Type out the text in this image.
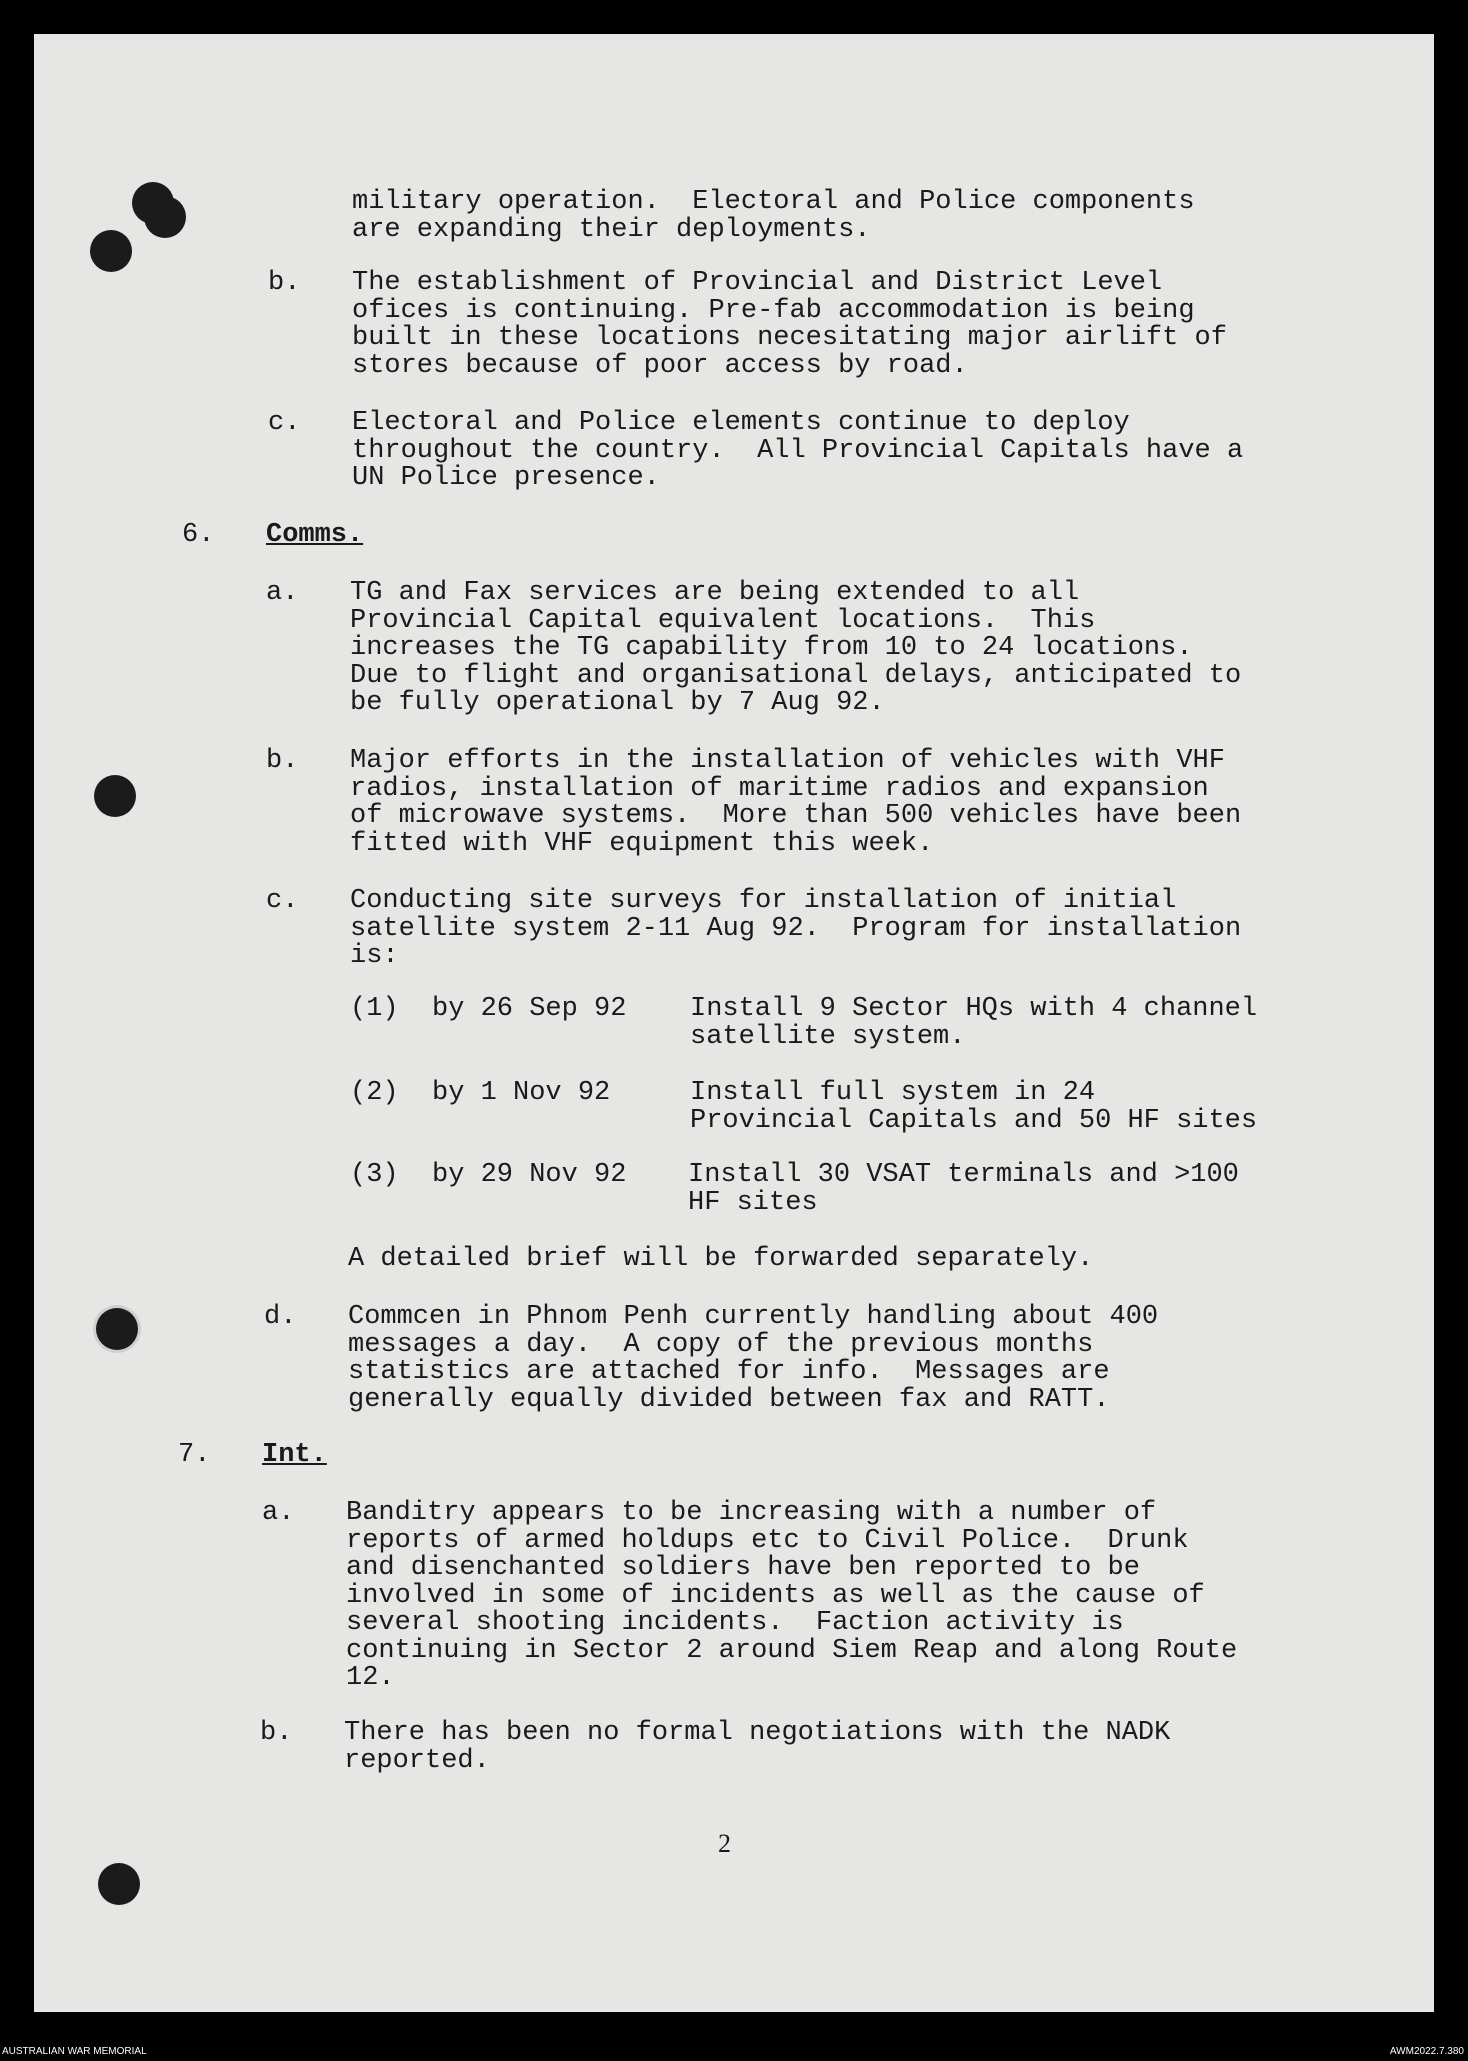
military operation.  Electoral and Police components
are expanding their deployments.

b. The establishment of Provincial and District Level
ofices is continuing. Pre-fab accommodation is being
built in these locations necesitating major airlift of
stores because of poor access by road.

c. Electoral and Police elements continue to deploy
throughout the country.  All Provincial Capitals have a
UN Police presence.

6. Comms.
a. TG and Fax services are being extended to all
Provincial Capital equivalent locations.  This
increases the TG capability from 10 to 24 locations.
Due to flight and organisational delays, anticipated to
be fully operational by 7 Aug 92.

b. Major efforts in the installation of vehicles with VHF
radios, installation of maritime radios and expansion
of microwave systems.  More than 500 vehicles have been
fitted with VHF equipment this week.

c. Conducting site surveys for installation of initial
satellite system 2-11 Aug 92.  Program for installation
is:

(1) by 26 Sep 92 Install 9 Sector HQs with 4 channel
satellite system.

(2) by 1 Nov 92	Install full system in 24
Provincial Capitals and 50 HF sites

(3) by 29 Nov 92 Install 30 VSAT terminals and >100
HF sites

A detailed brief will be forwarded separately.

d. Commcen in Phnom Penh currently handling about 400
messages a day.  A copy of the previous months
statistics are attached for info.  Messages are
generally equally divided between fax and RATT.

7. Int.
a. Banditry appears to be increasing with a number of
reports of armed holdups etc to Civil Police.  Drunk
and disenchanted soldiers have ben reported to be
involved in some of incidents as well as the cause of
several shooting incidents.  Faction activity is
continuing in Sector 2 around Siem Reap and along Route
12.

b. There has been no formal negotiations with the NADK
reported.

2
AUSTRALIAN WAR MEMORIAL	AWM2022.7.380
